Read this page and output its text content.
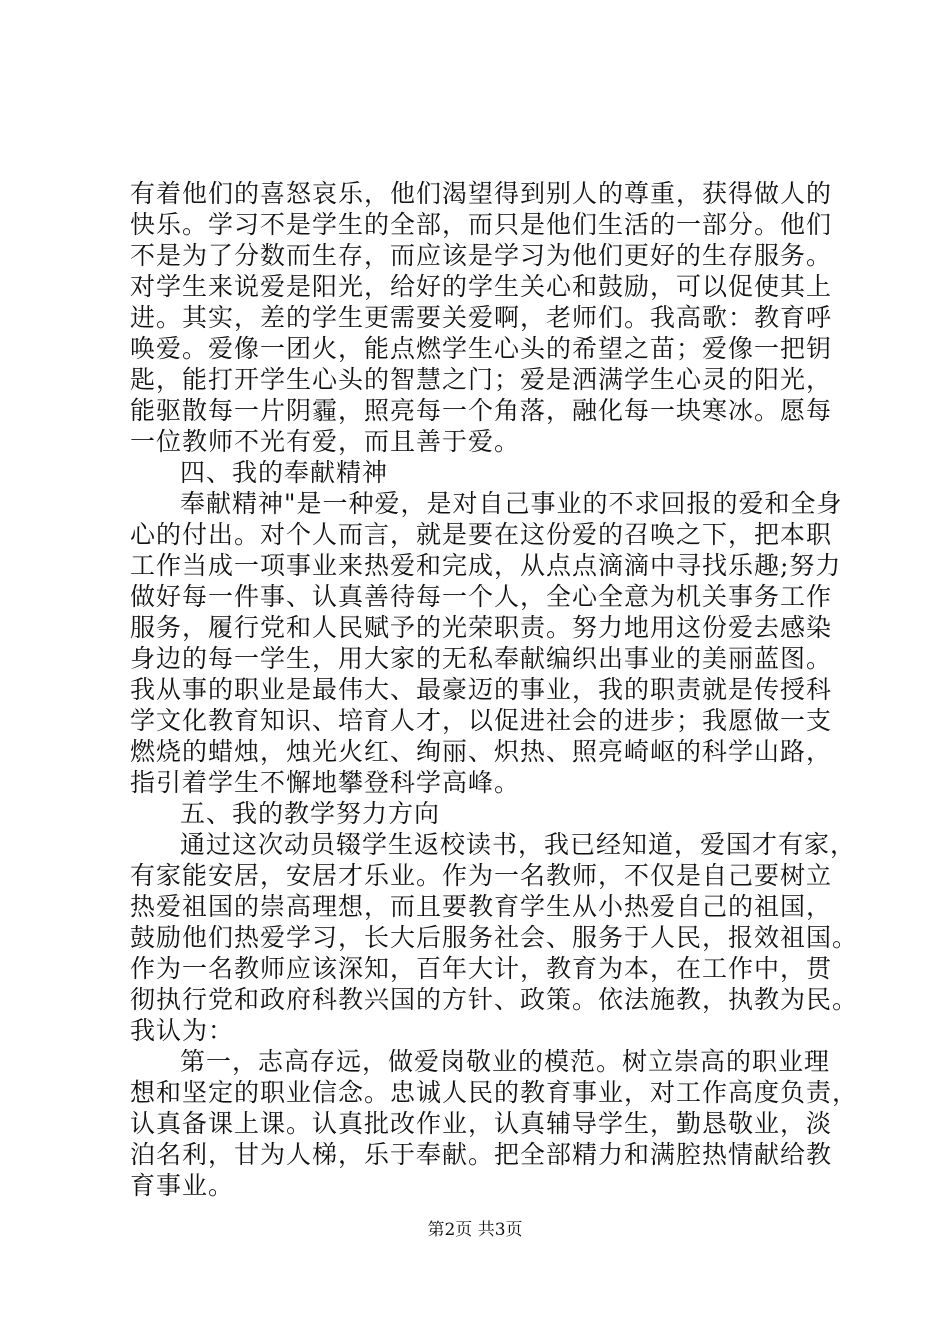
有着他们的喜怒哀乐，他们渴望得到别人的尊重，获得做人的
快乐。学习不是学生的全部，而只是他们生活的一部分。他们
不是为了分数而生存，而应该是学习为他们更好的生存服务。
对学生来说爱是阳光，给好的学生关心和鼓励，可以促使其上
进。其实，差的学生更需要关爱啊，老师们。我高歌：教育呼
唤爱。爱像一团火，能点燃学生心头的希望之苗；爱像一把钥
匙，能打开学生心头的智慧之门；爱是洒满学生心灵的阳光，
能驱散每一片阴霾，照亮每一个角落，融化每一块寒冰。愿每
一位教师不光有爱，而且善于爱。
四、我的奉献精神
奉献精神"是一种爱，是对自己事业的不求回报的爱和全身
心的付出。对个人而言，就是要在这份爱的召唤之下，把本职
工作当成一项事业来热爱和完成，从点点滴滴中寻找乐趣;努力
做好每一件事、认真善待每一个人，全心全意为机关事务工作
服务，履行党和人民赋予的光荣职责。努力地用这份爱去感染
身边的每一学生，用大家的无私奉献编织出事业的美丽蓝图。
我从事的职业是最伟大、最豪迈的事业，我的职责就是传授科
学文化教育知识、培育人才，以促进社会的进步；我愿做一支
燃烧的蜡烛，烛光火红、绚丽、炽热、照亮崎岖的科学山路，
指引着学生不懈地攀登科学高峰。
五、我的教学努力方向
通过这次动员辍学生返校读书，我已经知道，爱国才有家，
有家能安居，安居才乐业。作为一名教师，不仅是自己要树立
热爱祖国的崇高理想，而且要教育学生从小热爱自己的祖国，
鼓励他们热爱学习，长大后服务社会、服务于人民，报效祖国。
作为一名教师应该深知，百年大计，教育为本，在工作中，贯
彻执行党和政府科教兴国的方针、政策。依法施教，执教为民。
我认为：
第一，志高存远，做爱岗敬业的模范。树立崇高的职业理
想和坚定的职业信念。忠诚人民的教育事业，对工作高度负责，
认真备课上课。认真批改作业，认真辅导学生，勤恳敬业，淡
泊名利，甘为人梯，乐于奉献。把全部精力和满腔热情献给教
育事业。
第2页 共3页
